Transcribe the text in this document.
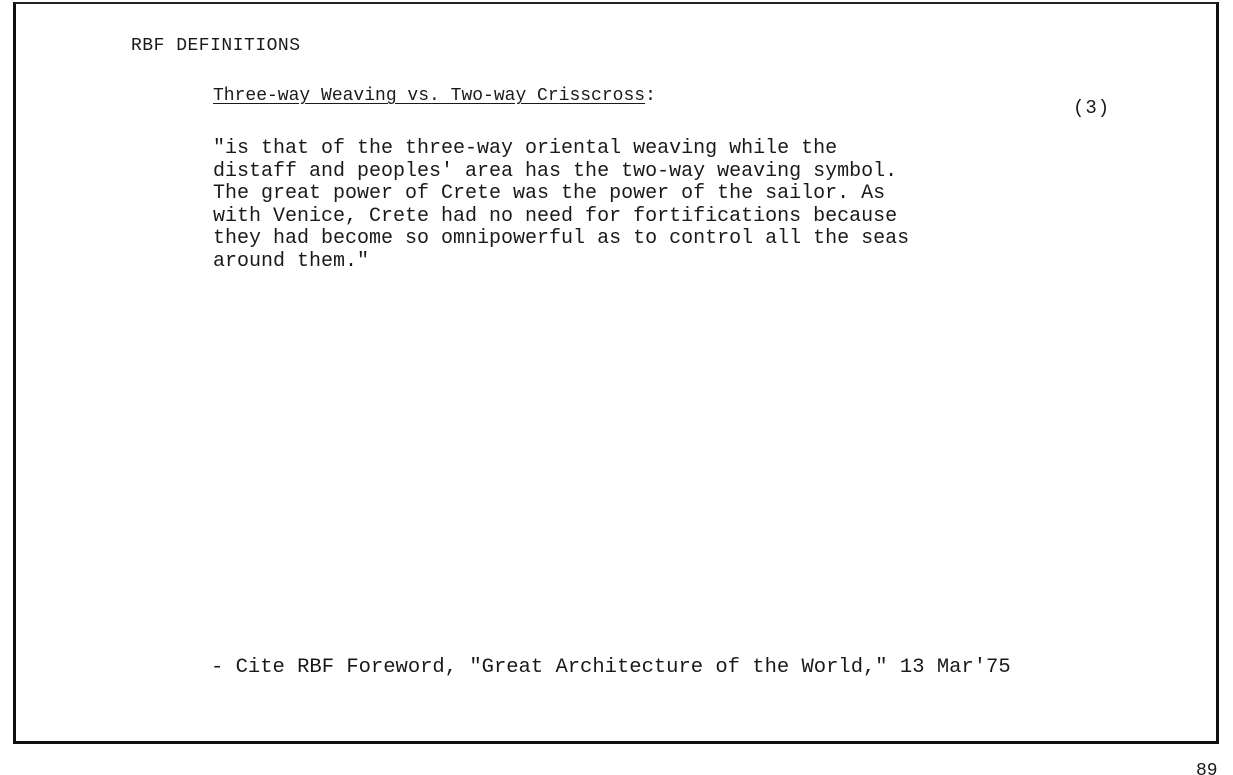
RBF DEFINITIONS
Three-way Weaving vs. Two-way Crisscross:
(3)
"is that of the three-way oriental weaving while the
distaff and peoples' area has the two-way weaving symbol.
The great power of Crete was the power of the sailor. As
with Venice, Crete had no need for fortifications because
they had become so omnipowerful as to control all the seas
around them."
- Cite RBF Foreword, "Great Architecture of the World," 13 Mar'75
89
